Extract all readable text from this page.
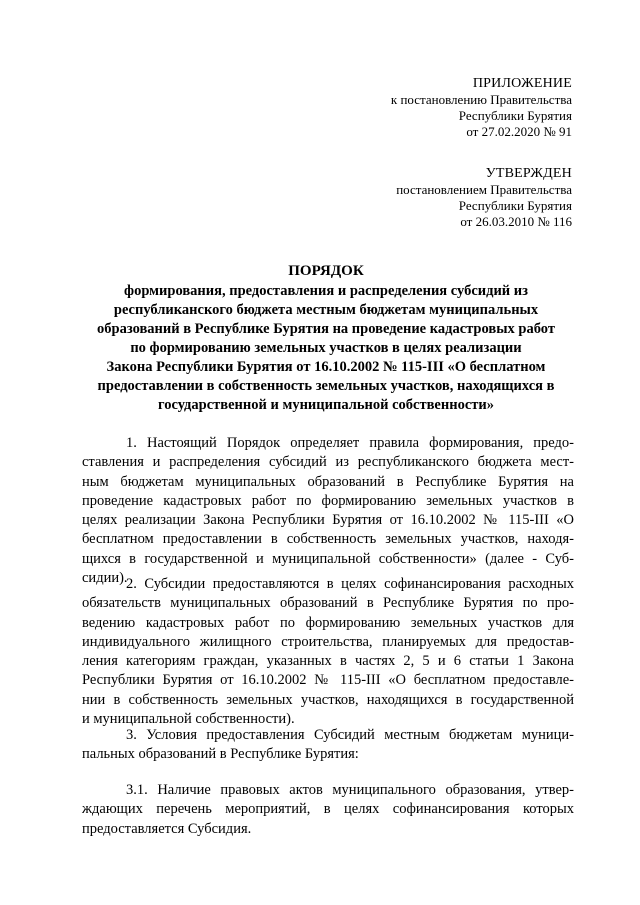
ПРИЛОЖЕНИЕ
к постановлению Правительства
Республики Бурятия
от 27.02.2020 № 91
УТВЕРЖДЕН
постановлением Правительства
Республики Бурятия
от 26.03.2010 № 116
ПОРЯДОК
формирования, предоставления и распределения субсидий из
республиканского бюджета местным бюджетам муниципальных
образований в Республике Бурятия на проведение кадастровых работ
по формированию земельных участков в целях реализации
Закона Республики Бурятия от 16.10.2002 № 115-III «О бесплатном
предоставлении в собственность земельных участков, находящихся в
государственной и муниципальной собственности»
1. Настоящий Порядок определяет правила формирования, предо-
ставления и распределения субсидий из республиканского бюджета мест-
ным бюджетам муниципальных образований в Республике Бурятия на
проведение кадастровых работ по формированию земельных участков в
целях реализации Закона Республики Бурятия от 16.10.2002 № 115-III «О
бесплатном предоставлении в собственность земельных участков, находя-
щихся в государственной и муниципальной собственности» (далее - Суб-
сидии).
2. Субсидии предоставляются в целях софинансирования расходных
обязательств муниципальных образований в Республике Бурятия по про-
ведению кадастровых работ по формированию земельных участков для
индивидуального жилищного строительства, планируемых для предостав-
ления категориям граждан, указанных в частях 2, 5 и 6 статьи 1 Закона
Республики Бурятия от 16.10.2002 № 115-III «О бесплатном предоставле-
нии в собственность земельных участков, находящихся в государственной
и муниципальной собственности).
3. Условия предоставления Субсидий местным бюджетам муници-
пальных образований в Республике Бурятия:
3.1. Наличие правовых актов муниципального образования, утвер-
ждающих перечень мероприятий, в целях софинансирования которых
предоставляется Субсидия.
